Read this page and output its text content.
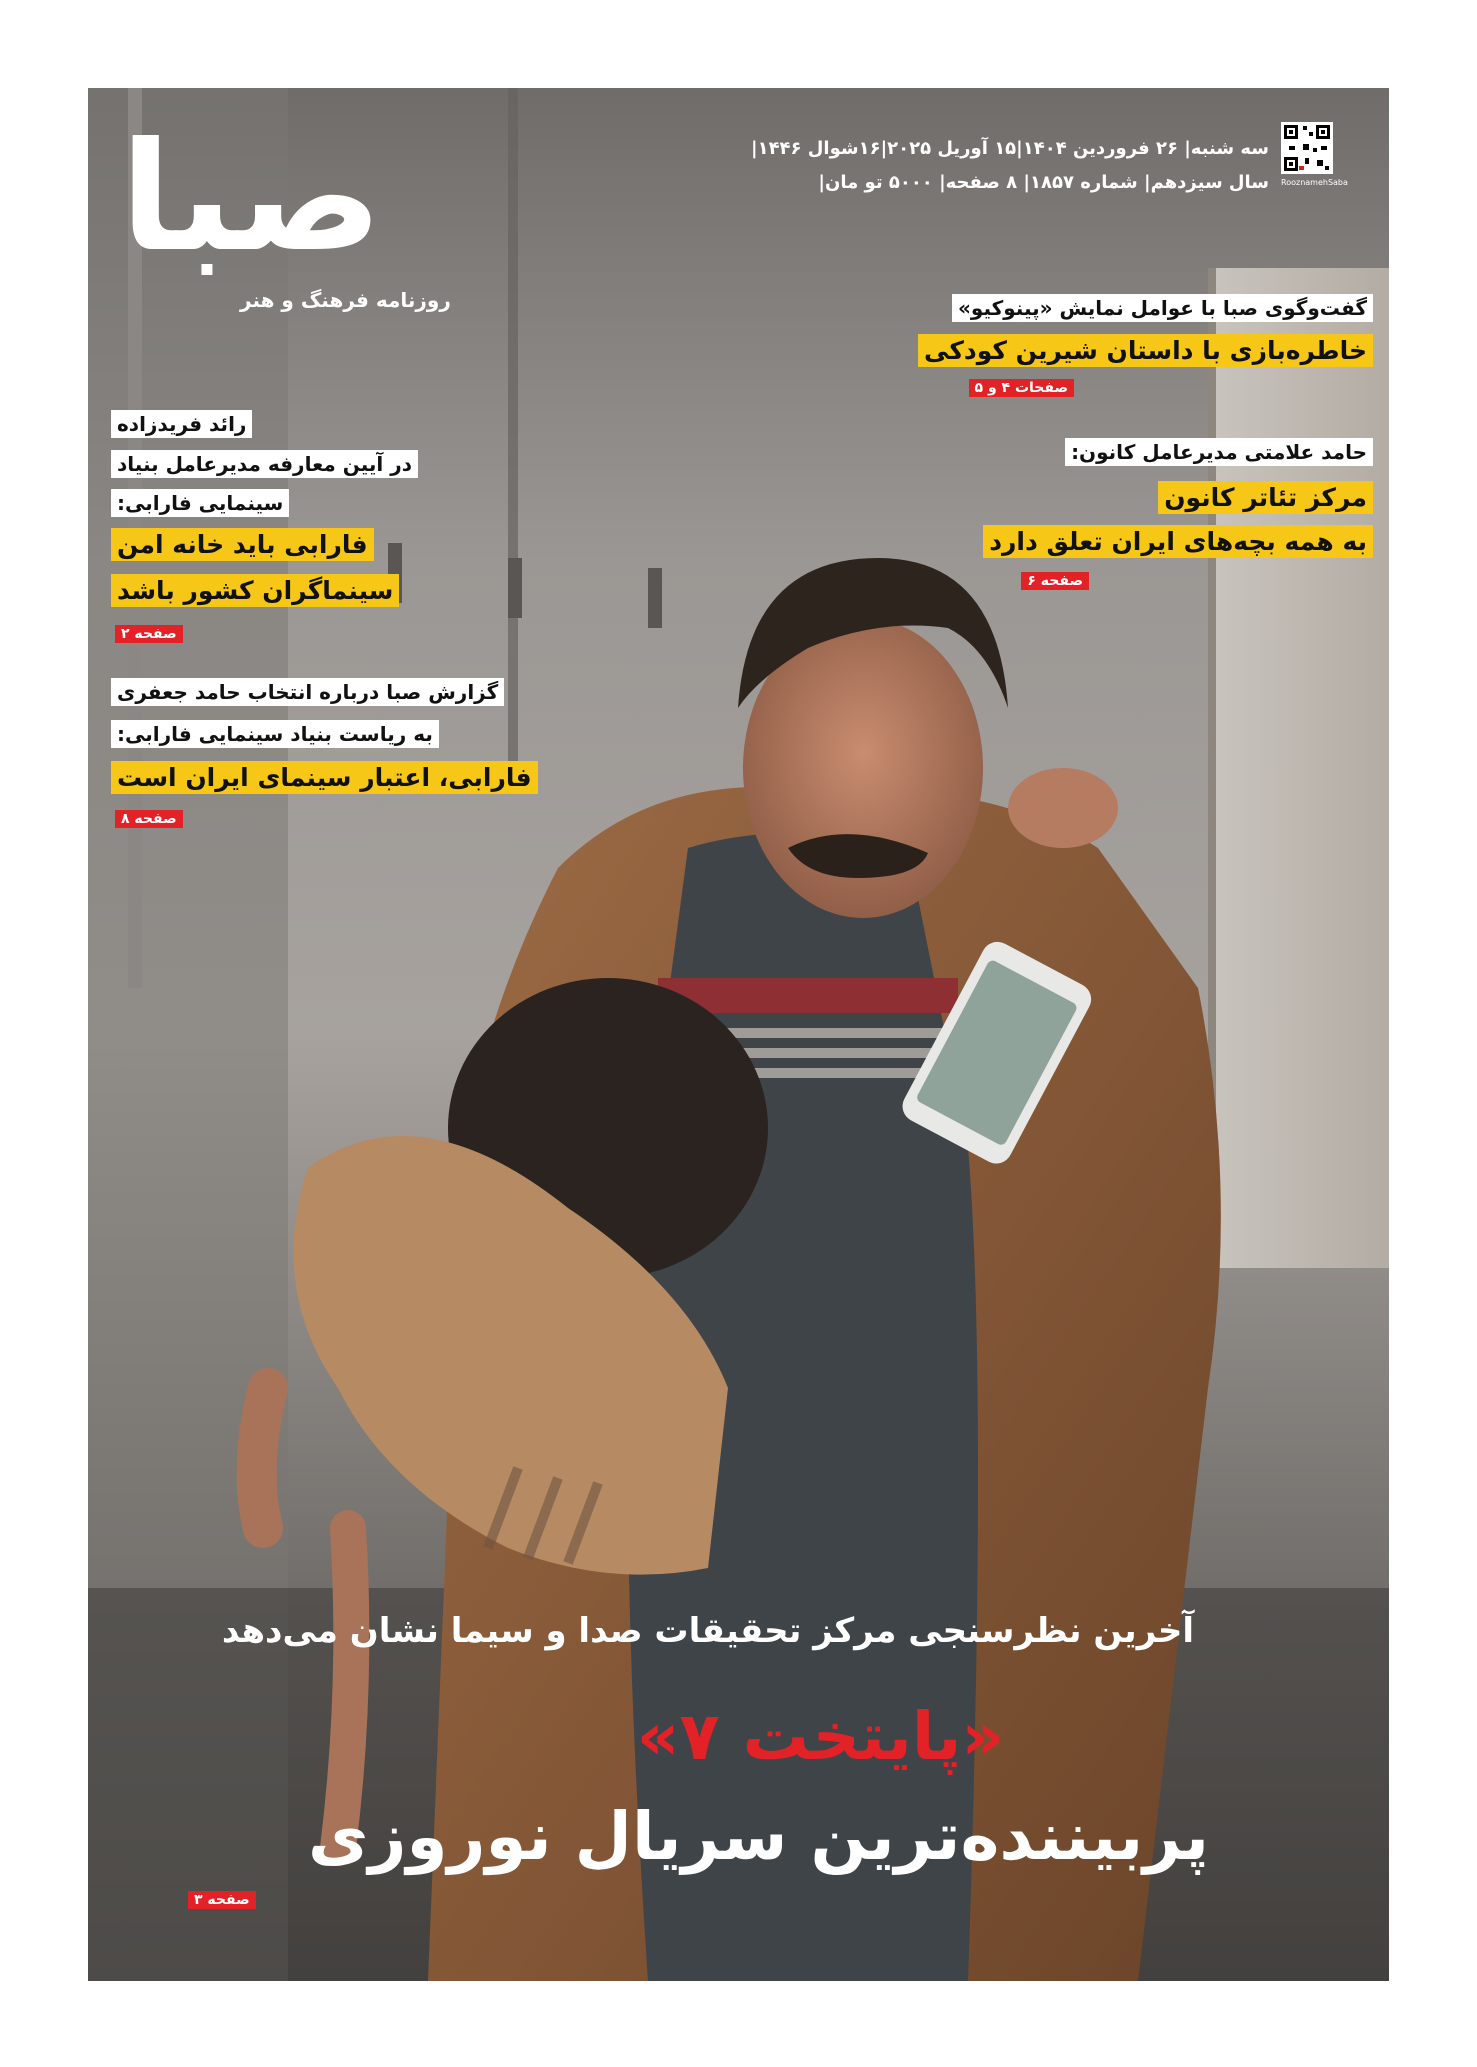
RooznamehSaba
سه شنبه| ۲۶ فروردین ۱۴۰۴|۱۵ آوریل ۲۰۲۵|۱۶شوال ۱۴۴۶|
سال سیزدهم| شماره ۱۸۵۷| ۸ صفحه| ۵۰۰۰ تو مان|
صبا
روزنامه فرهنگ و هنر	گفت‌وگوی صبا با عوامل نمایش «پینوکیو»
خاطره‌بازی با داستان شیرین کودکی
صفحات ۴ و ۵
حامد علامتی مدیرعامل کانون:
مرکز تئاتر کانون
به همه بچه‌های ایران تعلق دارد
صفحه ۶
رائد فریدزاده
در آیین معارفه مدیرعامل بنیاد
سینمایی فارابی:
فارابی باید خانه امن
سینماگران کشور باشد
صفحه ۲
گزارش صبا درباره انتخاب حامد جعفری
به ریاست بنیاد سینمایی فارابی:
فارابی، اعتبار سینمای ایران است
صفحه ۸
آخرین نظرسنجی مرکز تحقیقات صدا و سیما نشان می‌دهد
«پایتخت ۷»
پربیننده‌ترین سریال نوروزی
صفحه ۳
